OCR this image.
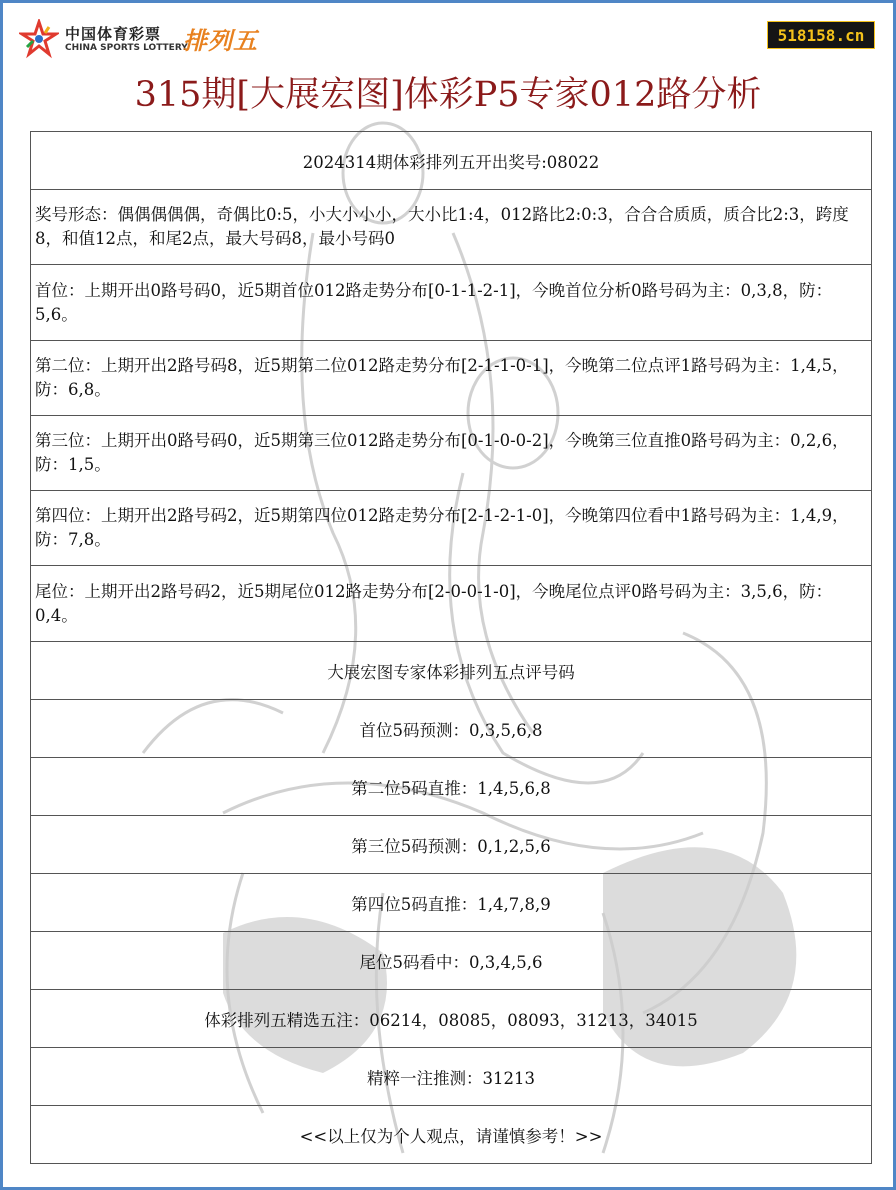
中国体育彩票
CHINA SPORTS LOTTERY
排列五	518158.cn
315期[大展宏图]体彩P5专家012路分析
2024314期体彩排列五开出奖号:08022
奖号形态：偶偶偶偶偶，奇偶比0:5，小大小小小，大小比1:4，012路比2:0:3，合合合质质，质合比2:3，跨度8，和值12点，和尾2点，最大号码8，最小号码0
首位：上期开出0路号码0，近5期首位012路走势分布[0-1-1-2-1]，今晚首位分析0路号码为主：0,3,8，防：5,6。
第二位：上期开出2路号码8，近5期第二位012路走势分布[2-1-1-0-1]，今晚第二位点评1路号码为主：1,4,5，防：6,8。
第三位：上期开出0路号码0，近5期第三位012路走势分布[0-1-0-0-2]，今晚第三位直推0路号码为主：0,2,6，防：1,5。
第四位：上期开出2路号码2，近5期第四位012路走势分布[2-1-2-1-0]，今晚第四位看中1路号码为主：1,4,9，防：7,8。
尾位：上期开出2路号码2，近5期尾位012路走势分布[2-0-0-1-0]，今晚尾位点评0路号码为主：3,5,6，防：0,4。
大展宏图专家体彩排列五点评号码
首位5码预测：0,3,5,6,8
第二位5码直推：1,4,5,6,8
第三位5码预测：0,1,2,5,6
第四位5码直推：1,4,7,8,9
尾位5码看中：0,3,4,5,6
体彩排列五精选五注：06214，08085，08093，31213，34015
精粹一注推测：31213
<<以上仅为个人观点，请谨慎参考！>>
